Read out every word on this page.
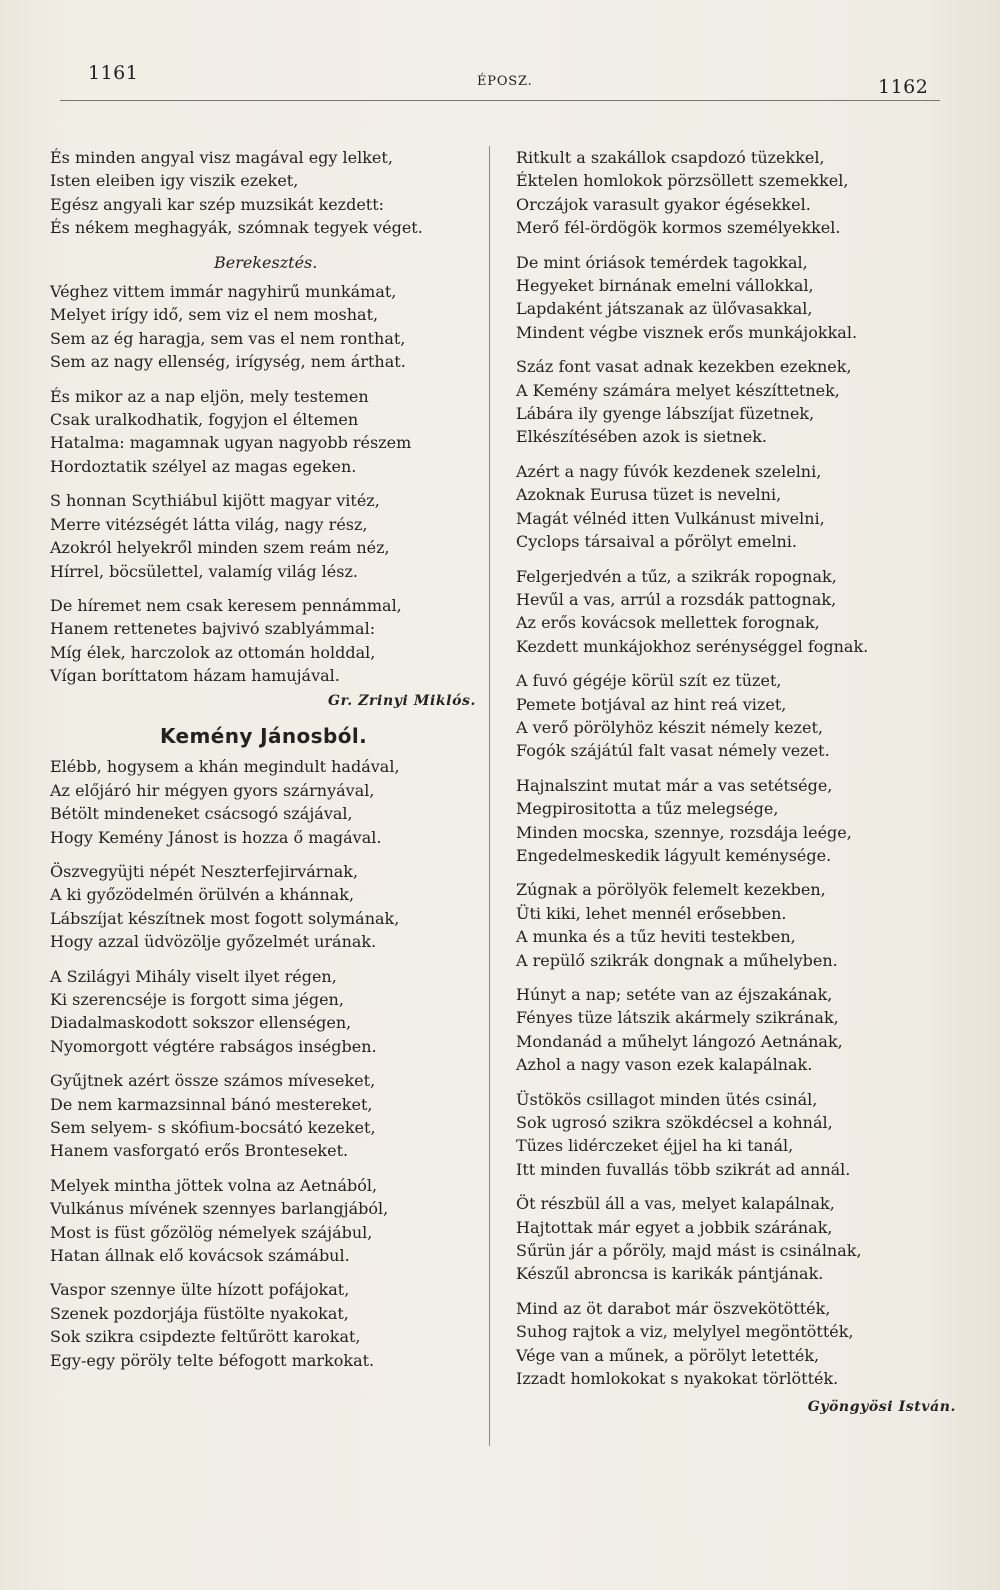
1161	ÉPOSZ.	1162
És minden angyal visz magával egy lelket,
Isten eleiben igy viszik ezeket,
Egész angyali kar szép muzsikát kezdett:
És nékem meghagyák, szómnak tegyek véget.
Berekesztés.
Véghez vittem immár nagyhirű munkámat,
Melyet irígy idő, sem viz el nem moshat,
Sem az ég haragja, sem vas el nem ronthat,
Sem az nagy ellenség, irígység, nem árthat.
És mikor az a nap eljön, mely testemen
Csak uralkodhatik, fogyjon el éltemen
Hatalma: magamnak ugyan nagyobb részem
Hordoztatik szélyel az magas egeken.
S honnan Scythiábul kijött magyar vitéz,
Merre vitézségét látta világ, nagy rész,
Azokról helyekről minden szem reám néz,
Hírrel, böcsülettel, valamíg világ lész.
De híremet nem csak keresem pennámmal,
Hanem rettenetes bajvivó szablyámmal:
Míg élek, harczolok az ottomán holddal,
Vígan boríttatom házam hamujával.
Gr. Zrinyi Miklós.
Kemény Jánosból.
Elébb, hogysem a khán megindult hadával,
Az előjáró hir mégyen gyors szárnyával,
Bétölt mindeneket csácsogó szájával,
Hogy Kemény Jánost is hozza ő magával.
Öszvegyüjti népét Neszterfejirvárnak,
A ki győzödelmén örülvén a khánnak,
Lábszíjat készítnek most fogott solymának,
Hogy azzal üdvözölje győzelmét urának.
A Szilágyi Mihály viselt ilyet régen,
Ki szerencséje is forgott sima jégen,
Diadalmaskodott sokszor ellenségen,
Nyomorgott végtére rabságos inségben.
Gyűjtnek azért össze számos míveseket,
De nem karmazsinnal bánó mestereket,
Sem selyem- s skófium-bocsátó kezeket,
Hanem vasforgató erős Bronteseket.
Melyek mintha jöttek volna az Aetnából,
Vulkánus mívének szennyes barlangjából,
Most is füst gőzölög némelyek szájábul,
Hatan állnak elő kovácsok számábul.
Vaspor szennye ülte hízott pofájokat,
Szenek pozdorjája füstölte nyakokat,
Sok szikra csipdezte feltűrött karokat,
Egy-egy pöröly telte béfogott markokat.
Ritkult a szakállok csapdozó tüzekkel,
Éktelen homlokok pörzsöllett szemekkel,
Orczájok varasult gyakor égésekkel.
Merő fél-ördögök kormos személyekkel.
De mint óriások temérdek tagokkal,
Hegyeket birnának emelni vállokkal,
Lapdaként játszanak az ülővasakkal,
Mindent végbe visznek erős munkájokkal.
Száz font vasat adnak kezekben ezeknek,
A Kemény számára melyet készíttetnek,
Lábára ily gyenge lábszíjat füzetnek,
Elkészítésében azok is sietnek.
Azért a nagy fúvók kezdenek szelelni,
Azoknak Eurusa tüzet is nevelni,
Magát vélnéd itten Vulkánust mivelni,
Cyclops társaival a pőrölyt emelni.
Felgerjedvén a tűz, a szikrák ropognak,
Hevűl a vas, arrúl a rozsdák pattognak,
Az erős kovácsok mellettek forognak,
Kezdett munkájokhoz serénységgel fognak.
A fuvó gégéje körül szít ez tüzet,
Pemete botjával az hint reá vizet,
A verő pörölyhöz készit némely kezet,
Fogók szájátúl falt vasat némely vezet.
Hajnalszint mutat már a vas setétsége,
Megpirositotta a tűz melegsége,
Minden mocska, szennye, rozsdája leége,
Engedelmeskedik lágyult keménysége.
Zúgnak a pörölyök felemelt kezekben,
Üti kiki, lehet mennél erősebben.
A munka és a tűz heviti testekben,
A repülő szikrák dongnak a műhelyben.
Húnyt a nap; setéte van az éjszakának,
Fényes tüze látszik akármely szikrának,
Mondanád a műhelyt lángozó Aetnának,
Azhol a nagy vason ezek kalapálnak.
Üstökös csillagot minden ütés csinál,
Sok ugrosó szikra szökdécsel a kohnál,
Tüzes lidérczeket éjjel ha ki tanál,
Itt minden fuvallás több szikrát ad annál.
Öt részbül áll a vas, melyet kalapálnak,
Hajtottak már egyet a jobbik szárának,
Sűrün jár a pőröly, majd mást is csinálnak,
Készűl abroncsa is karikák pántjának.
Mind az öt darabot már öszvekötötték,
Suhog rajtok a viz, melylyel megöntötték,
Vége van a műnek, a pörölyt letették,
Izzadt homlokokat s nyakokat törlötték.
Gyöngyösi István.
